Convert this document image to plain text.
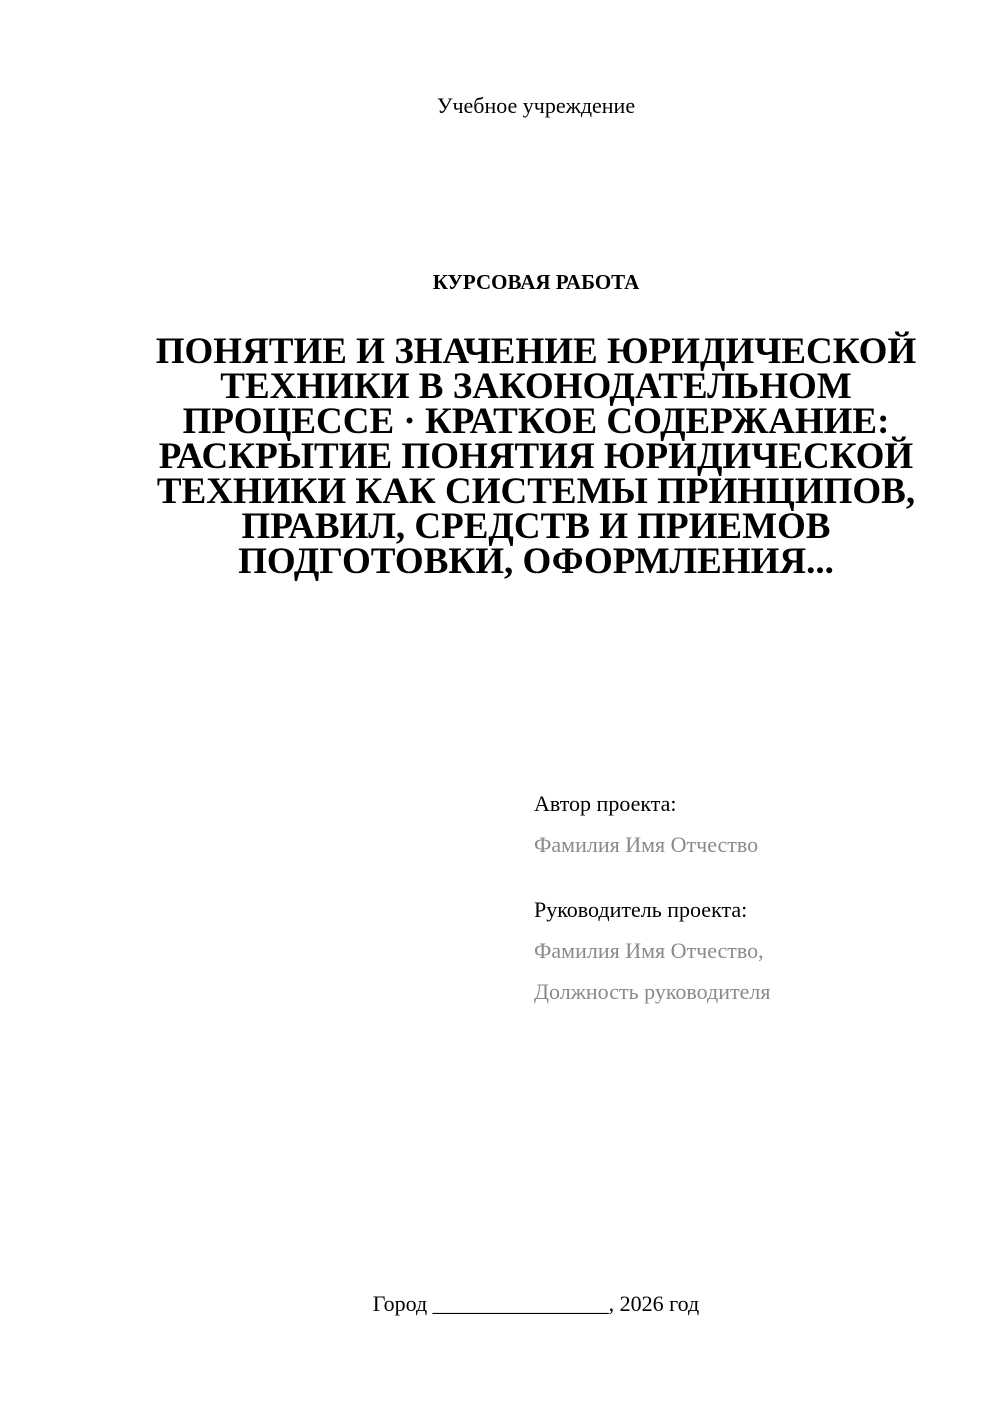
Учебное учреждение
КУРСОВАЯ РАБОТА
ПОНЯТИЕ И ЗНАЧЕНИЕ ЮРИДИЧЕСКОЙ ТЕХНИКИ В ЗАКОНОДАТЕЛЬНОМ ПРОЦЕССЕ · КРАТКОЕ СОДЕРЖАНИЕ: РАСКРЫТИЕ ПОНЯТИЯ ЮРИДИЧЕСКОЙ ТЕХНИКИ КАК СИСТЕМЫ ПРИНЦИПОВ, ПРАВИЛ, СРЕДСТВ И ПРИЕМОВ ПОДГОТОВКИ, ОФОРМЛЕНИЯ...
Автор проекта:
Фамилия Имя Отчество
Руководитель проекта:
Фамилия Имя Отчество,
Должность руководителя
Город ________________, 2026 год
